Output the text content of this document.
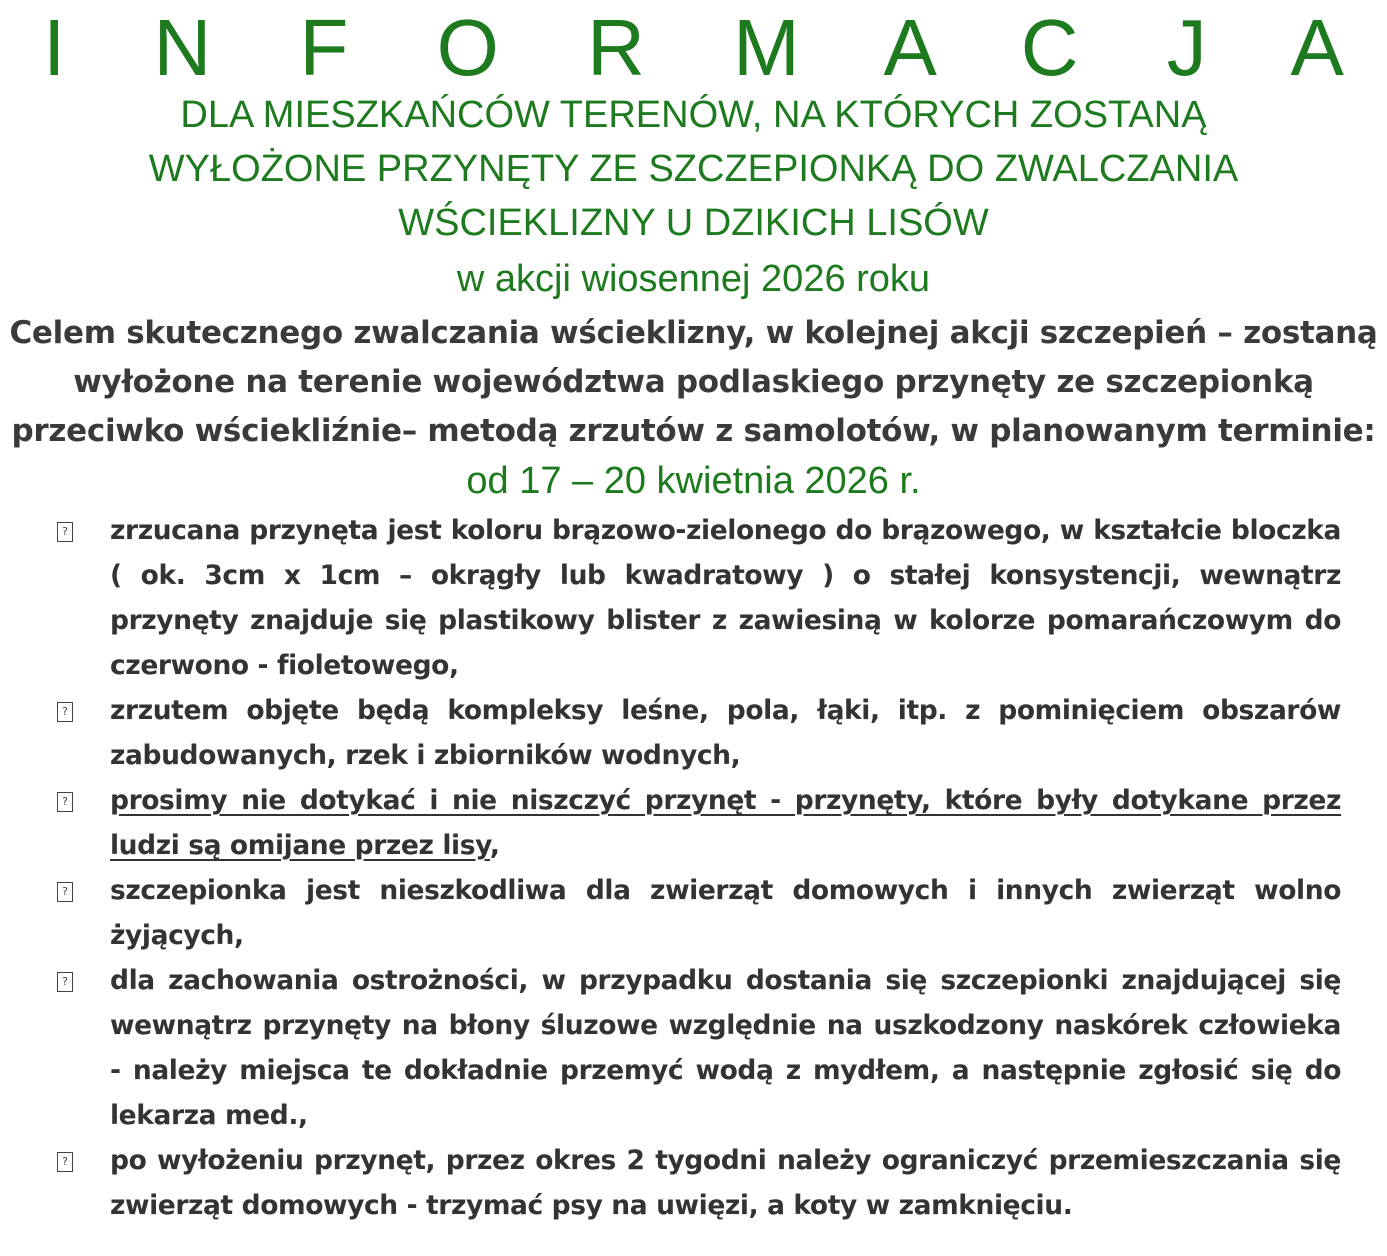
I N F O R M A C J A
DLA MIESZKAŃCÓW TERENÓW, NA KTÓRYCH ZOSTANĄ
WYŁOŻONE PRZYNĘTY ZE SZCZEPIONKĄ DO ZWALCZANIA
WŚCIEKLIZNY U DZIKICH LISÓW
w akcji wiosennej 2026 roku
Celem skutecznego zwalczania wścieklizny, w kolejnej akcji szczepień – zostaną
wyłożone na terenie województwa podlaskiego przynęty ze szczepionką
przeciwko wściekliźnie– metodą zrzutów z samolotów, w planowanym terminie:
od 17 – 20 kwietnia 2026 r.
? zrzucana przynęta jest koloru brązowo-zielonego do brązowego, w kształcie bloczka ( ok. 3cm x 1cm – okrągły lub kwadratowy ) o stałej konsystencji, wewnątrz przynęty znajduje się plastikowy blister z zawiesiną w kolorze pomarańczowym do czerwono - fioletowego,
? zrzutem objęte będą kompleksy leśne, pola, łąki, itp. z pominięciem obszarów zabudowanych, rzek i zbiorników wodnych,
? prosimy nie dotykać i nie niszczyć przynęt - przynęty, które były dotykane przez ludzi są omijane przez lisy,
? szczepionka jest nieszkodliwa dla zwierząt domowych i innych zwierząt wolno żyjących,
? dla zachowania ostrożności, w przypadku dostania się szczepionki znajdującej się wewnątrz przynęty na błony śluzowe względnie na uszkodzony naskórek człowieka - należy miejsca te dokładnie przemyć wodą z mydłem, a następnie zgłosić się do lekarza med.,
? po wyłożeniu przynęt, przez okres 2 tygodni należy ograniczyć przemieszczania się zwierząt domowych - trzymać psy na uwięzi, a koty w zamknięciu.
